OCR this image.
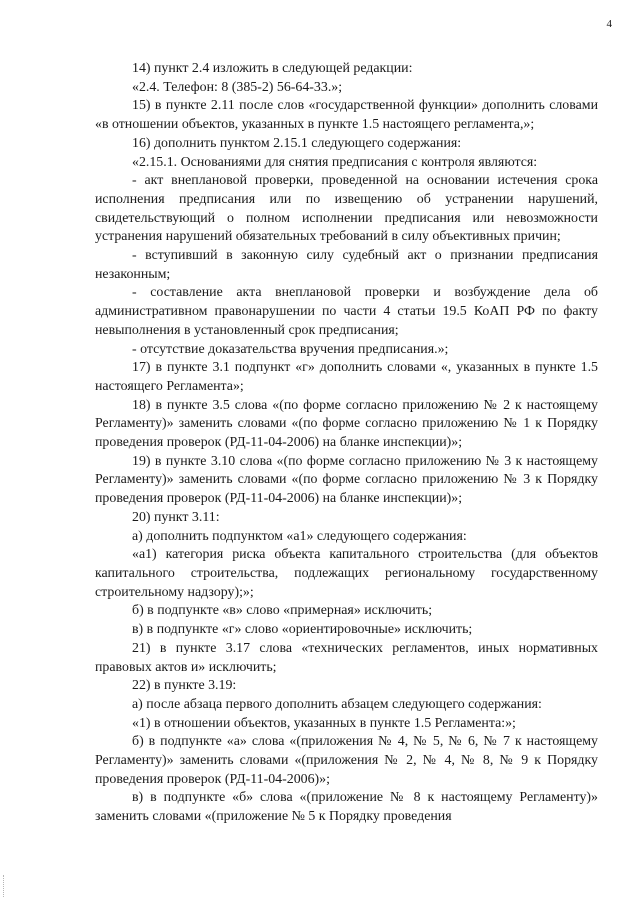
4

14) пункт 2.4 изложить в следующей редакции:

«2.4. Телефон: 8 (385-2) 56-64-33.»;

15) в пункте 2.11 после слов «государственной функции» дополнить словами «в отношении объектов, указанных в пункте 1.5 настоящего регламента,»;

16) дополнить пунктом 2.15.1 следующего содержания:

«2.15.1. Основаниями для снятия предписания с контроля являются:

- акт внеплановой проверки, проведенной на основании истечения срока исполнения предписания или по извещению об устранении нарушений, свидетельствующий о полном исполнении предписания или невозможности устранения нарушений обязательных требований в силу объективных причин;

- вступивший в законную силу судебный акт о признании предписания незаконным;

- составление акта внеплановой проверки и возбуждение дела об административном правонарушении по части 4 статьи 19.5 КоАП РФ по факту невыполнения в установленный срок предписания;

- отсутствие доказательства вручения предписания.»;

17) в пункте 3.1 подпункт «г» дополнить словами «, указанных в пункте 1.5 настоящего Регламента»;

18) в пункте 3.5 слова «(по форме согласно приложению № 2 к настоящему Регламенту)» заменить словами «(по форме согласно приложению № 1 к Порядку проведения проверок (РД-11-04-2006) на бланке инспекции)»;

19) в пункте 3.10 слова «(по форме согласно приложению № 3 к настоящему Регламенту)» заменить словами «(по форме согласно приложению № 3 к Порядку проведения проверок (РД-11-04-2006) на бланке инспекции)»;

20) пункт 3.11:

а) дополнить подпунктом «а1» следующего содержания:

«а1) категория риска объекта капитального строительства (для объектов капитального строительства, подлежащих региональному государственному строительному надзору);»;

б) в подпункте «в» слово «примерная» исключить;

в) в подпункте «г» слово «ориентировочные» исключить;

21) в пункте 3.17 слова «технических регламентов, иных нормативных правовых актов и» исключить;

22) в пункте 3.19:

а) после абзаца первого дополнить абзацем следующего содержания:

«1) в отношении объектов, указанных в пункте 1.5 Регламента:»;

б) в подпункте «а» слова «(приложения № 4, № 5, № 6, № 7 к настоящему Регламенту)» заменить словами «(приложения № 2, № 4, № 8, № 9 к Порядку проведения проверок (РД-11-04-2006)»;

в) в подпункте «б» слова «(приложение № 8 к настоящему Регламенту)» заменить словами «(приложение № 5 к Порядку проведения
